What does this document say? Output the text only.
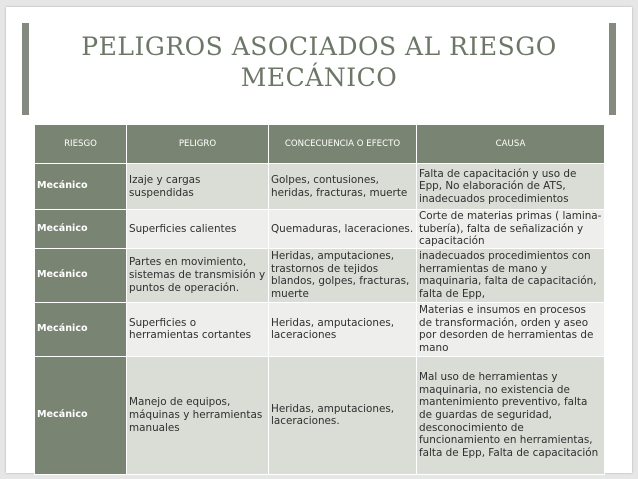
PELIGROS ASOCIADOS AL RIESGO
MECÁNICO
RIESGO	PELIGRO	CONCECUENCIA O EFECTO	CAUSA
Mecánico	Izaje y cargas suspendidas	Golpes, contusiones, heridas, fracturas, muerte	Falta de capacitación y uso de Epp, No elaboración de ATS, inadecuados procedimientos
Mecánico	Superficies calientes	Quemaduras, laceraciones.	Corte de materias primas ( lamina- tubería), falta de señalización y capacitación
Mecánico	Partes en movimiento, sistemas de transmisión y puntos de operación.	Heridas, amputaciones, trastornos de tejidos blandos, golpes, fracturas, muerte	inadecuados procedimientos con herramientas de mano y maquinaria, falta de capacitación, falta de Epp,
Mecánico	Superficies o herramientas cortantes	Heridas, amputaciones, laceraciones	Materias e insumos en procesos de transformación, orden y aseo por desorden de herramientas de mano
Mecánico	Manejo de equipos, máquinas y herramientas manuales	Heridas, amputaciones, laceraciones.	Mal uso de herramientas y maquinaria, no existencia de mantenimiento preventivo, falta de guardas de seguridad, desconocimiento de funcionamiento en herramientas, falta de Epp, Falta de capacitación
